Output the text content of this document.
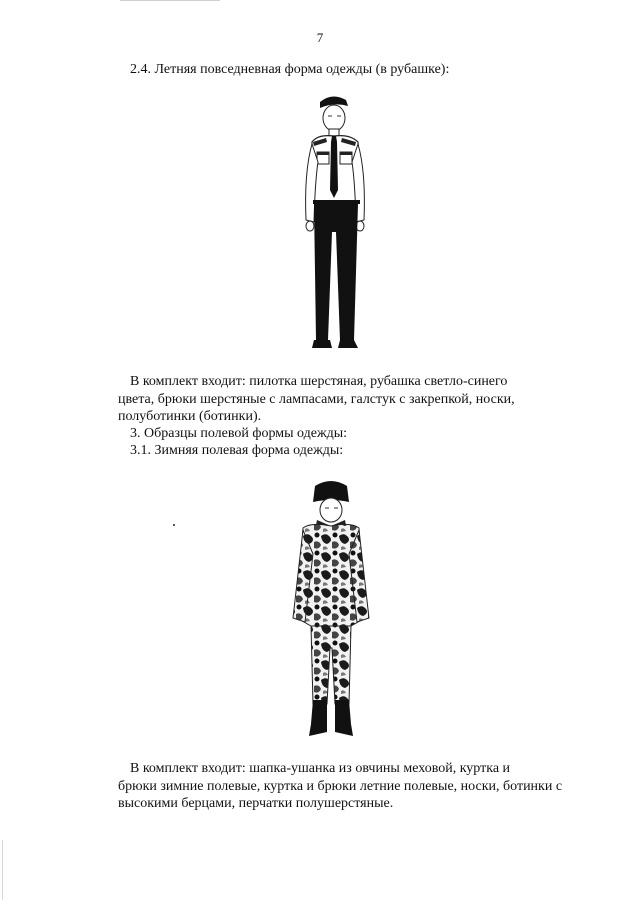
7
2.4. Летняя повседневная форма одежды (в рубашке):

В комплект входит: пилотка шерстяная, рубашка светло-синего

цвета, брюки шерстяные с лампасами, галстук с закрепкой, носки,

полуботинки (ботинки).

3. Образцы полевой формы одежды:
3.1. Зимняя полевая форма одежды:

В комплект входит: шапка-ушанка из овчины меховой, куртка и

брюки зимние полевые, куртка и брюки летние полевые, носки, ботинки с

высокими берцами, перчатки полушерстяные.
